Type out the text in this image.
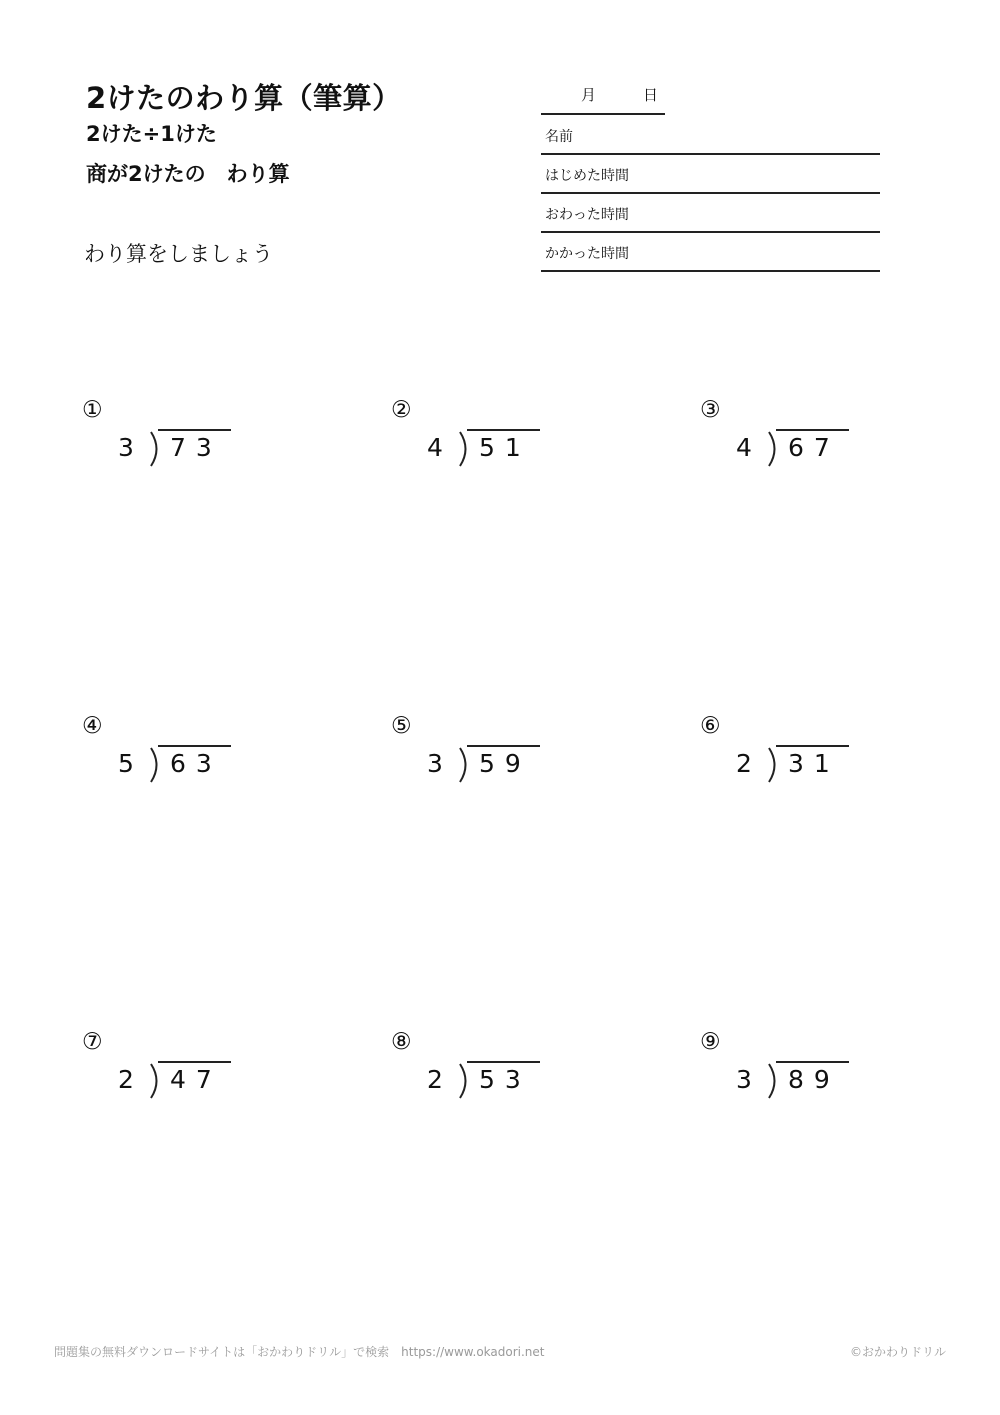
2けたのわり算（筆算）
2けた÷1けた
商が2けたの　わり算
わり算をしましょう
月	日
名前
はじめた時間
おわった時間
かかった時間
①
3 73
②
4 51
③
4 67
④
5 63
⑤
3 59
⑥
2 31
⑦
2 47
⑧
2 53
⑨
3 89
問題集の無料ダウンロードサイトは「おかわりドリル」で検索　https://www.okadori.net	©おかわりドリル
